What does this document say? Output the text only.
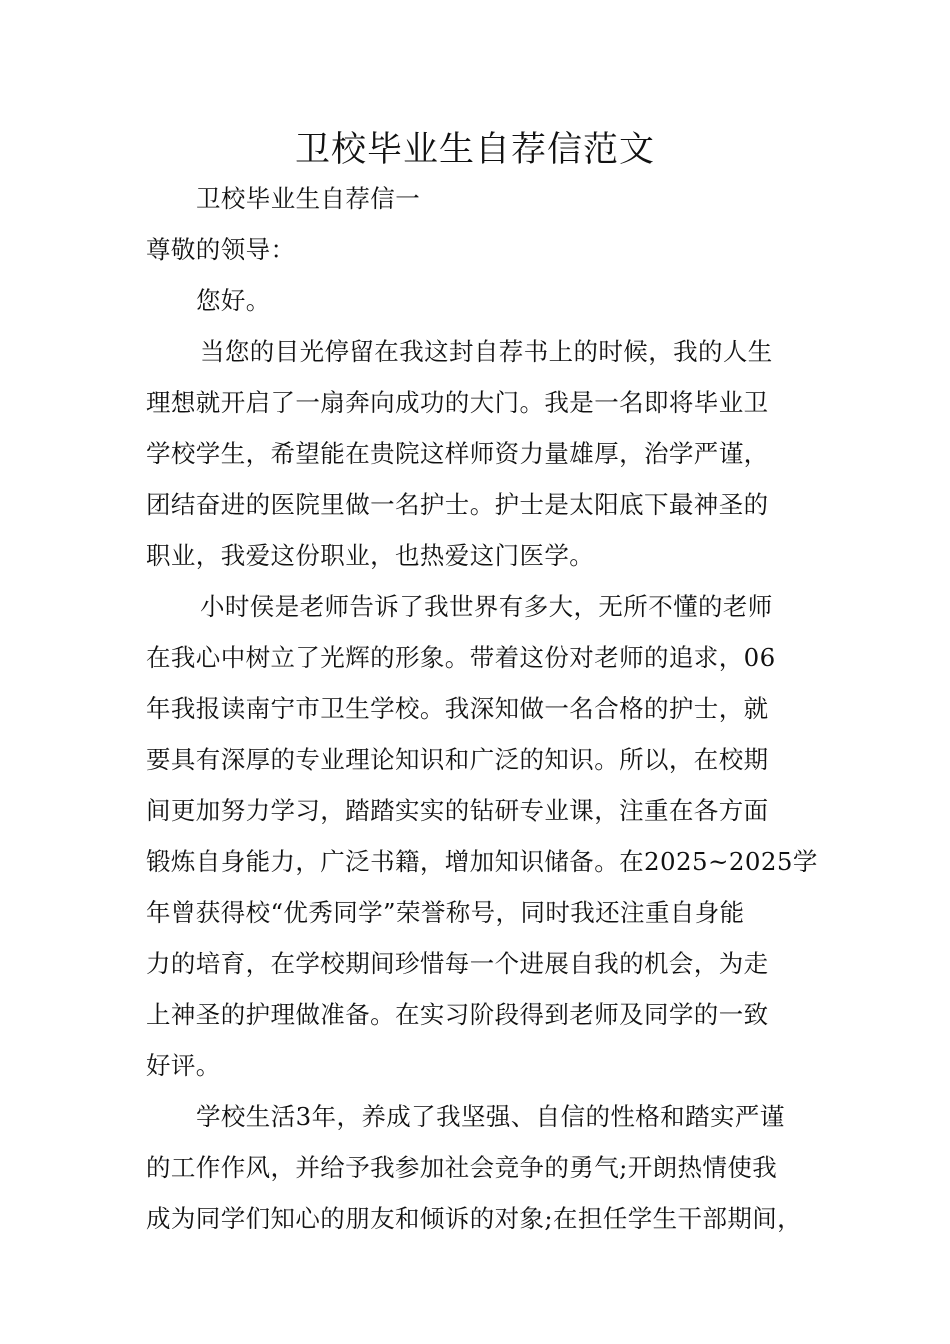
卫校毕业生自荐信范文
卫校毕业生自荐信一
尊敬的领导：
您好。
当您的目光停留在我这封自荐书上的时候，我的人生
理想就开启了一扇奔向成功的大门。我是一名即将毕业卫
学校学生，希望能在贵院这样师资力量雄厚，治学严谨，
团结奋进的医院里做一名护士。护士是太阳底下最神圣的
职业，我爱这份职业，也热爱这门医学。
小时侯是老师告诉了我世界有多大，无所不懂的老师
在我心中树立了光辉的形象。带着这份对老师的追求，06
年我报读南宁市卫生学校。我深知做一名合格的护士，就
要具有深厚的专业理论知识和广泛的知识。所以，在校期
间更加努力学习，踏踏实实的钻研专业课，注重在各方面
锻炼自身能力，广泛书籍，增加知识储备。在2025~2025学
年曾获得校“优秀同学”荣誉称号，同时我还注重自身能
力的培育，在学校期间珍惜每一个进展自我的机会，为走
上神圣的护理做准备。在实习阶段得到老师及同学的一致
好评。
学校生活3年，养成了我坚强、自信的性格和踏实严谨
的工作作风，并给予我参加社会竞争的勇气;开朗热情使我
成为同学们知心的朋友和倾诉的对象;在担任学生干部期间，
